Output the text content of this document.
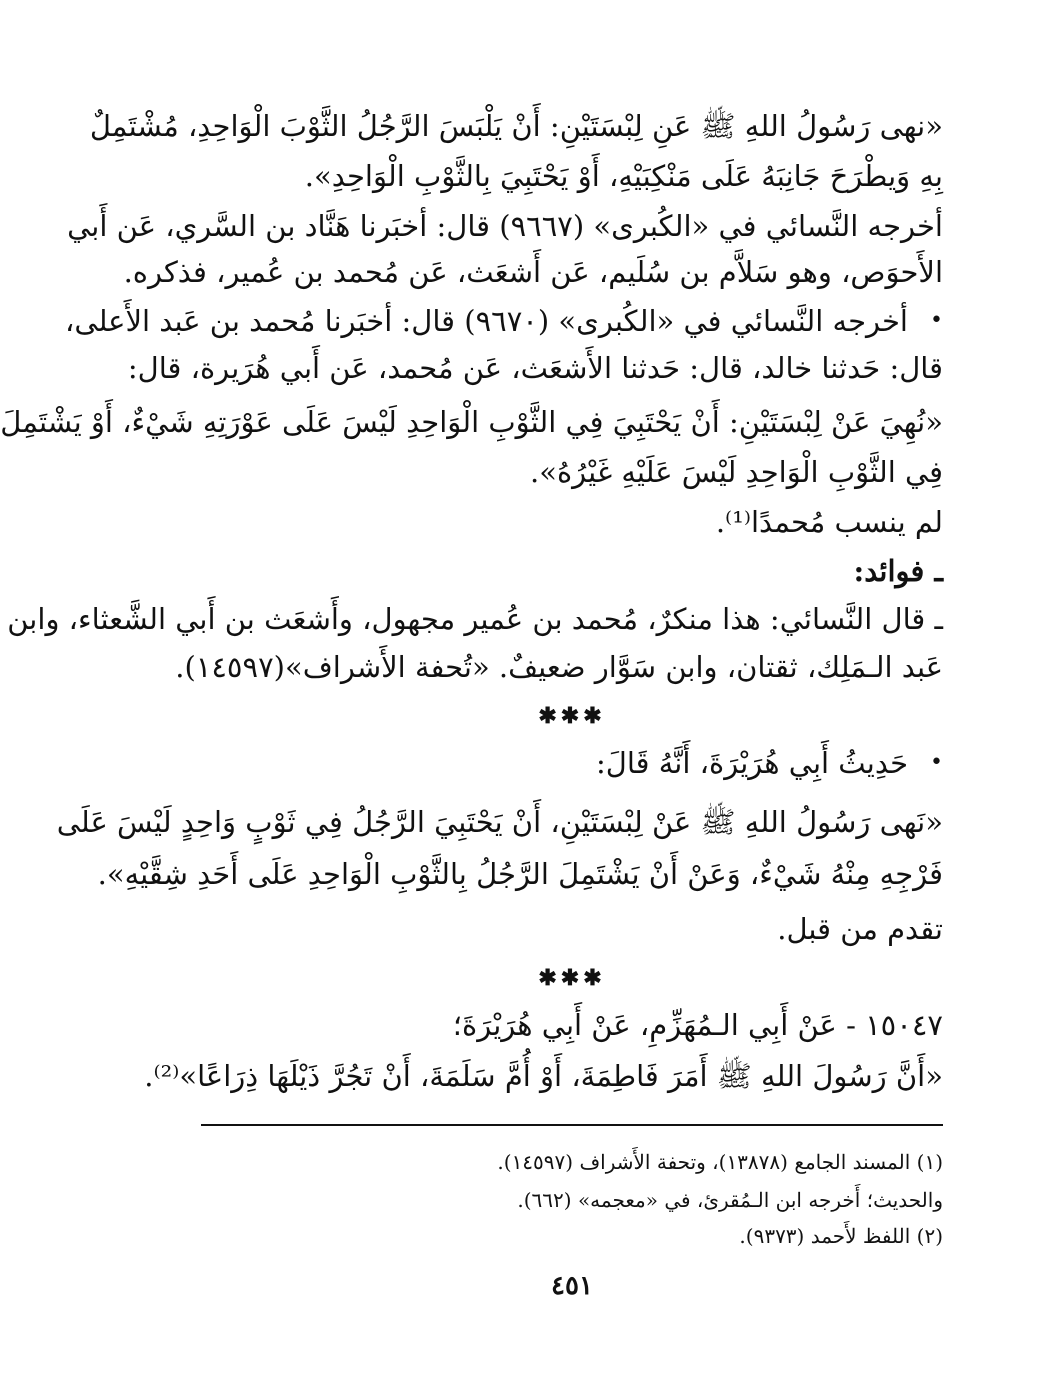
«نهى رَسُولُ اللهِ ﷺ عَنِ لِبْسَتَيْنِ: أَنْ يَلْبَسَ الرَّجُلُ الثَّوْبَ الْوَاحِدِ، مُشْتَمِلٌ
بِهِ وَيطْرَحَ جَانِبَهُ عَلَى مَنْكِبَيْهِ، أَوْ يَحْتَبِيَ بِالثَّوْبِ الْوَاحِدِ».
أخرجه النَّسائي في «الكُبرى» (٩٦٦٧) قال: أخبَرنا هَنَّاد بن السَّري، عَن أَبي
الأَحوَص، وهو سَلاَّم بن سُلَيم، عَن أَشعَث، عَن مُحمد بن عُمير، فذكره.
•
أخرجه النَّسائي في «الكُبرى» (٩٦٧٠) قال: أخبَرنا مُحمد بن عَبد الأَعلى،
قال: حَدثنا خالد، قال: حَدثنا الأَشعَث، عَن مُحمد، عَن أَبي هُرَيرة، قال:
«نُهِيَ عَنْ لِبْسَتَيْنِ: أَنْ يَحْتَبِيَ فِي الثَّوْبِ الْوَاحِدِ لَيْسَ عَلَى عَوْرَتِهِ شَيْءٌ، أَوْ يَشْتَمِلَ
فِي الثَّوْبِ الْوَاحِدِ لَيْسَ عَلَيْهِ غَيْرُهُ».
لم ينسب مُحمدًا⁽¹⁾.
ـ فوائد:
ـ قال النَّسائي: هذا منكرٌ، مُحمد بن عُمير مجهول، وأَشعَث بن أَبي الشَّعثاء، وابن
عَبد الـمَلِك، ثقتان، وابن سَوَّار ضعيفٌ. «تُحفة الأَشراف»(١٤٥٩٧).
✱✱✱
•
حَدِيثُ أَبِي هُرَيْرَةَ، أَنَّهُ قَالَ:
«نَهى رَسُولُ اللهِ ﷺ عَنْ لِبْسَتَيْنِ، أَنْ يَحْتَبِيَ الرَّجُلُ فِي ثَوْبٍ وَاحِدٍ لَيْسَ عَلَى
فَرْجِهِ مِنْهُ شَيْءٌ، وَعَنْ أَنْ يَشْتَمِلَ الرَّجُلُ بِالثَّوْبِ الْوَاحِدِ عَلَى أَحَدِ شِقَّيْهِ».
تقدم من قبل.
✱✱✱
١٥٠٤٧ - عَنْ أَبِي الـمُهَزِّمِ، عَنْ أَبِي هُرَيْرَةَ؛
«أَنَّ رَسُولَ اللهِ ﷺ أَمَرَ فَاطِمَةَ، أَوْ أُمَّ سَلَمَةَ، أَنْ تَجُرَّ ذَيْلَهَا ذِرَاعًا»⁽²⁾.
(١) المسند الجامع (١٣٨٧٨)، وتحفة الأَشراف (١٤٥٩٧).
والحديث؛ أَخرجه ابن الـمُقرئ، في «معجمه» (٦٦٢).
(٢) اللفظ لأَحمد (٩٣٧٣).
٤٥١
